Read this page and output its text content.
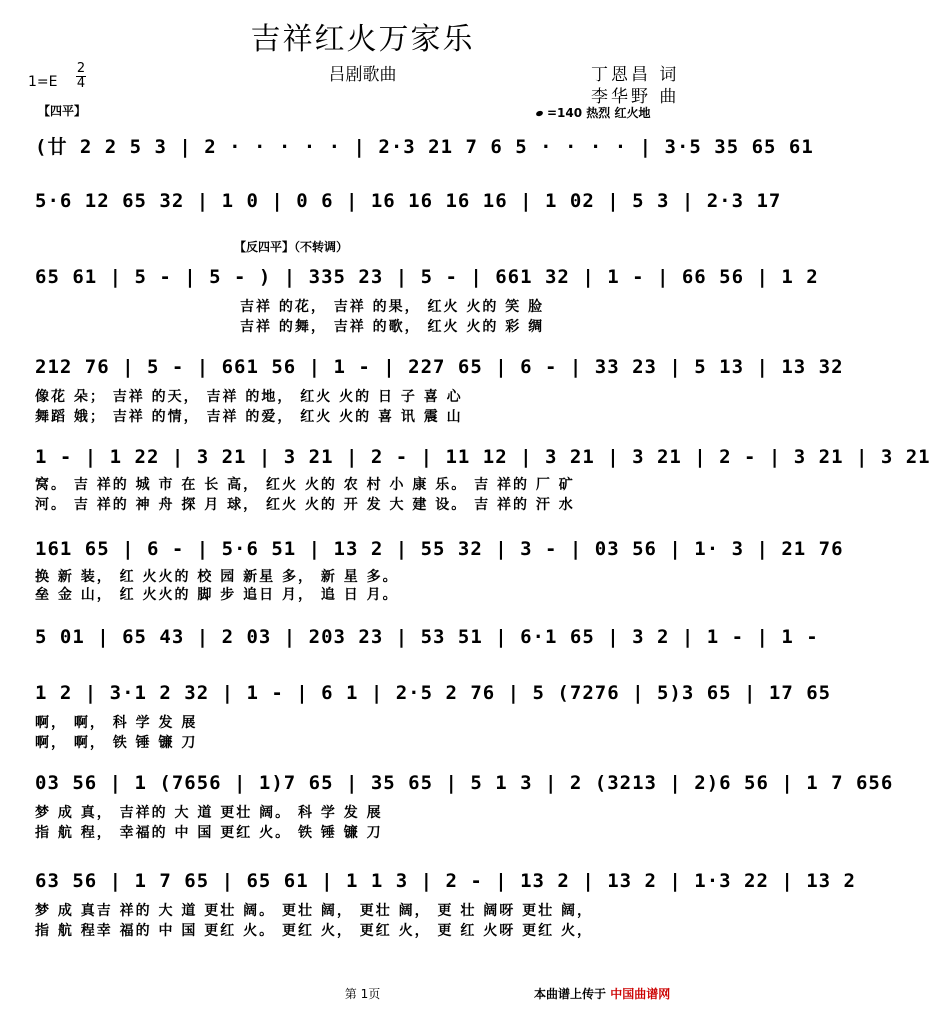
吉祥红火万家乐
吕剧歌曲	丁恩昌 词
李华野 曲
1=E
2
4
【四平】	=140 热烈 红火地
【反四平】（不转调）
(廿 2 2 5 3 | 2 · · · · · | 2·3 21 7 6 5 · · · · | 3·5 35 65 61
5·6 12 65 32 | 1 0 | 0 6 | 16 16 16 16 | 1 02 | 5 3 | 2·3 17
65 61 | 5 - | 5 - ) | 335 23 | 5 - | 661 32 | 1 - | 66 56 | 1 2
吉祥 的花， 吉祥 的果， 红火 火的 笑 脸
吉祥 的舞， 吉祥 的歌， 红火 火的 彩 绸
212 76 | 5 - | 661 56 | 1 - | 227 65 | 6 - | 33 23 | 5 13 | 13 32
像花 朵； 吉祥 的天， 吉祥 的地， 红火 火的 日 子 喜 心
舞蹈 娥； 吉祥 的情， 吉祥 的爱， 红火 火的 喜 讯 震 山
1 - | 1 22 | 3 21 | 3 21 | 2 - | 11 12 | 3 21 | 3 21 | 2 - | 3 21 | 3 21
窝。 吉 祥的 城 市 在 长 高， 红火 火的 农 村 小 康 乐。 吉 祥的 厂 矿
河。 吉 祥的 神 舟 探 月 球， 红火 火的 开 发 大 建 设。 吉 祥的 汗 水
161 65 | 6 - | 5·6 51 | 13 2 | 55 32 | 3 - | 03 56 | 1· 3 | 21 76
换 新 装， 红 火火的 校 园 新星 多， 新 星 多。
垒 金 山， 红 火火的 脚 步 追日 月， 追 日 月。
5 01 | 65 43 | 2 03 | 203 23 | 53 51 | 6·1 65 | 3 2 | 1 - | 1 -
1 2 | 3·1 2 32 | 1 - | 6 1 | 2·5 2 76 | 5 (7276 | 5)3 65 | 17 65
啊， 啊， 科 学 发 展
啊， 啊， 铁 锤 镰 刀
03 56 | 1 (7656 | 1)7 65 | 35 65 | 5 1 3 | 2 (3213 | 2)6 56 | 1 7 656
梦 成 真， 吉祥的 大 道 更壮 阔。 科 学 发 展
指 航 程， 幸福的 中 国 更红 火。 铁 锤 镰 刀
63 56 | 1 7 65 | 65 61 | 1 1 3 | 2 - | 13 2 | 13 2 | 1·3 22 | 13 2
梦 成 真吉 祥的 大 道 更壮 阔。 更壮 阔， 更壮 阔， 更 壮 阔呀 更壮 阔，
指 航 程幸 福的 中 国 更红 火。 更红 火， 更红 火， 更 红 火呀 更红 火，
第 1页	本曲谱上传于 中国曲谱网
